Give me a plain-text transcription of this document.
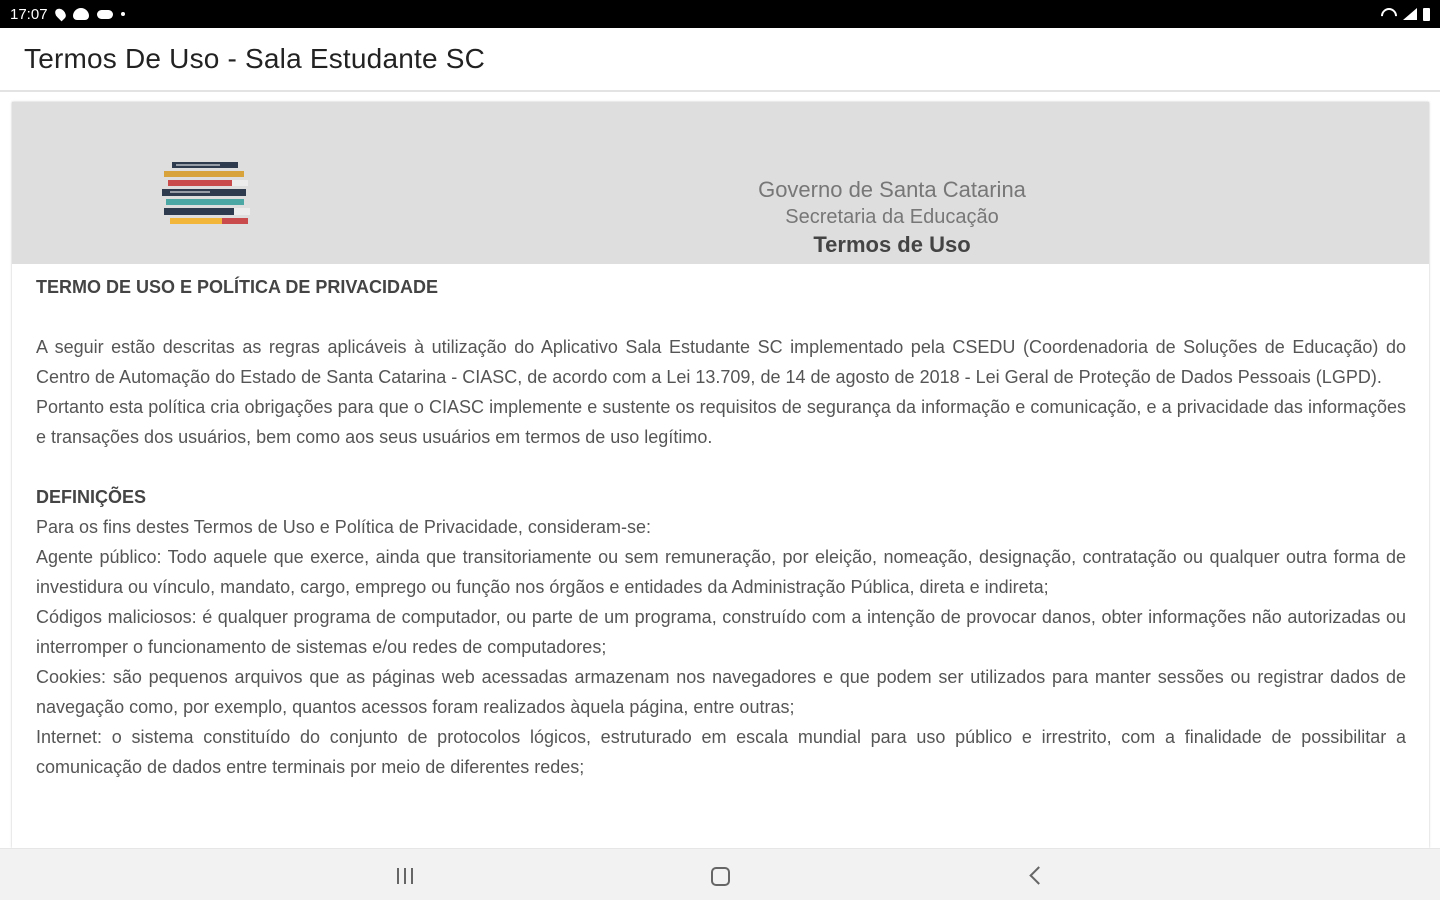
17:07
Termos De Uso - Sala Estudante SC
Governo de Santa Catarina
Secretaria da Educação
Termos de Uso

TERMO DE USO E POLÍTICA DE PRIVACIDADE

A seguir estão descritas as regras aplicáveis à utilização do Aplicativo Sala Estudante SC implementado pela CSEDU (Coordenadoria de Soluções de Educação) do Centro de Automação do Estado de Santa Catarina - CIASC, de acordo com a Lei 13.709, de 14 de agosto de 2018 - Lei Geral de Proteção de Dados Pessoais (LGPD).

Portanto esta política cria obrigações para que o CIASC implemente e sustente os requisitos de segurança da informação e comunicação, e a privacidade das informações e transações dos usuários, bem como aos seus usuários em termos de uso legítimo.

DEFINIÇÕES

Para os fins destes Termos de Uso e Política de Privacidade, consideram-se:

Agente público: Todo aquele que exerce, ainda que transitoriamente ou sem remuneração, por eleição, nomeação, designação, contratação ou qualquer outra forma de investidura ou vínculo, mandato, cargo, emprego ou função nos órgãos e entidades da Administração Pública, direta e indireta;

Códigos maliciosos: é qualquer programa de computador, ou parte de um programa, construído com a intenção de provocar danos, obter informações não autorizadas ou interromper o funcionamento de sistemas e/ou redes de computadores;

Cookies: são pequenos arquivos que as páginas web acessadas armazenam nos navegadores e que podem ser utilizados para manter sessões ou registrar dados de navegação como, por exemplo, quantos acessos foram realizados àquela página, entre outras;

Internet: o sistema constituído do conjunto de protocolos lógicos, estruturado em escala mundial para uso público e irrestrito, com a finalidade de possibilitar a comunicação de dados entre terminais por meio de diferentes redes;
